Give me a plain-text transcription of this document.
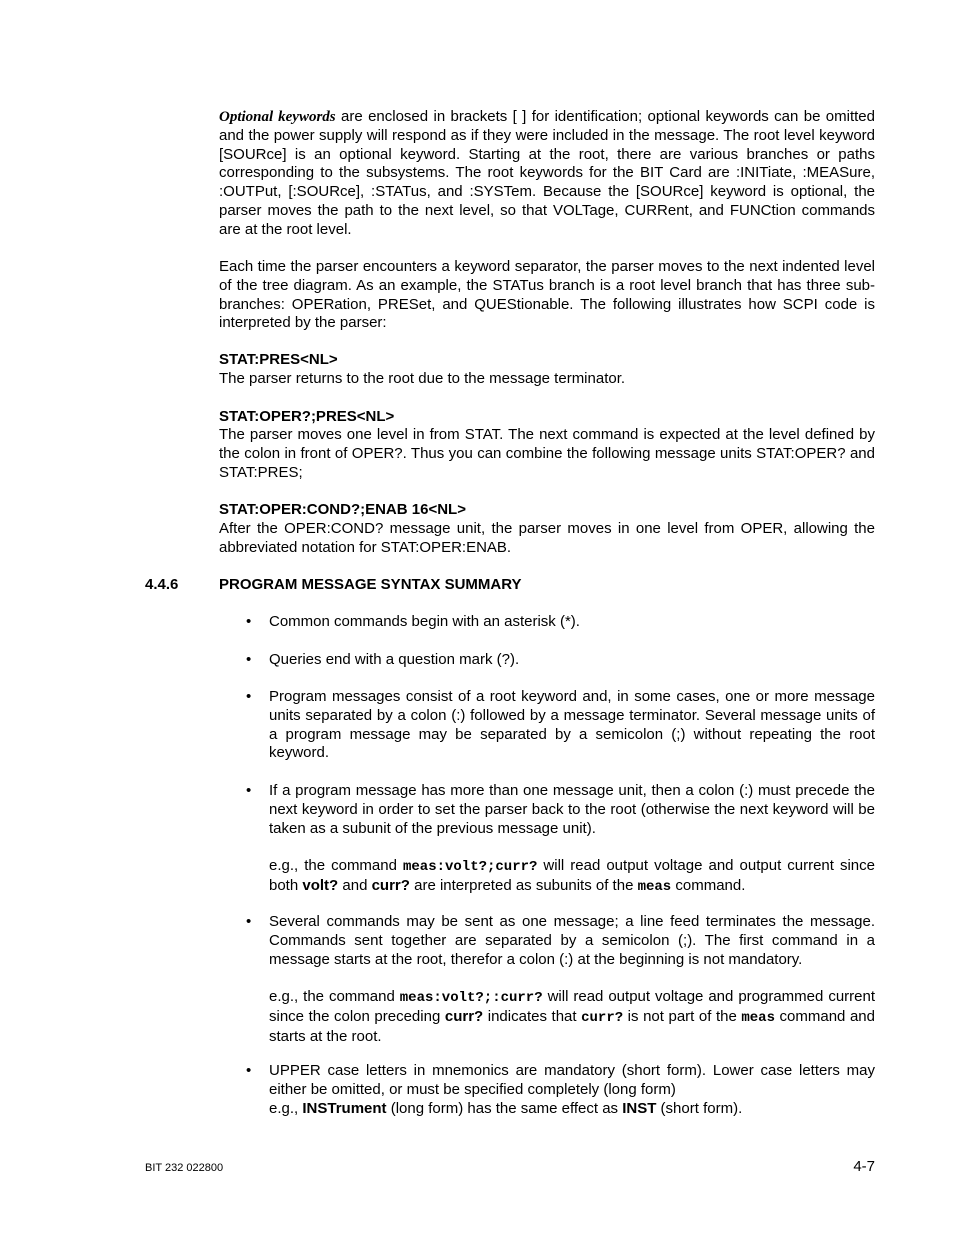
Optional keywords are enclosed in brackets [ ] for identification; optional keywords can be omitted and the power supply will respond as if they were included in the message. The root level keyword [SOURce] is an optional keyword. Starting at the root, there are various branches or paths corresponding to the subsystems. The root keywords for the BIT Card are :INITiate, :MEASure, :OUTPut, [:SOURce], :STATus, and :SYSTem. Because the [SOURce] keyword is optional, the parser moves the path to the next level, so that VOLTage, CURRent, and FUNCtion commands are at the root level.

Each time the parser encounters a keyword separator, the parser moves to the next indented level of the tree diagram. As an example, the STATus branch is a root level branch that has three sub-branches: OPERation, PRESet, and QUEStionable. The following illustrates how SCPI code is interpreted by the parser:

STAT:PRES<NL>

The parser returns to the root due to the message terminator.

STAT:OPER?;PRES<NL>

The parser moves one level in from STAT. The next command is expected at the level defined by the colon in front of OPER?. Thus you can combine the following message units STAT:OPER? and STAT:PRES;

STAT:OPER:COND?;ENAB 16<NL>

After the OPER:COND? message unit, the parser moves in one level from OPER, allowing the abbreviated notation for STAT:OPER:ENAB.

4.4.6	PROGRAM MESSAGE SYNTAX SUMMARY
• Common commands begin with an asterisk (*).

• Queries end with a question mark (?).

• Program messages consist of a root keyword and, in some cases, one or more message units separated by a colon (:) followed by a message terminator. Several message units of a program message may be separated by a semicolon (;) without repeating the root keyword.

• If a program message has more than one message unit, then a colon (:) must precede the next keyword in order to set the parser back to the root (otherwise the next keyword will be taken as a subunit of the previous message unit).

e.g., the command meas:volt?;curr? will read output voltage and output current since both volt? and curr? are interpreted as subunits of the meas command.

• Several commands may be sent as one message; a line feed terminates the message. Commands sent together are separated by a semicolon (;). The first command in a message starts at the root, therefor a colon (:) at the beginning is not mandatory.

e.g., the command meas:volt?;:curr? will read output voltage and programmed current since the colon preceding curr? indicates that curr? is not part of the meas command and starts at the root.

• UPPER case letters in mnemonics are mandatory (short form). Lower case letters may either be omitted, or must be specified completely (long form)

e.g., INSTrument (long form) has the same effect as INST (short form).

BIT 232 022800	4-7
